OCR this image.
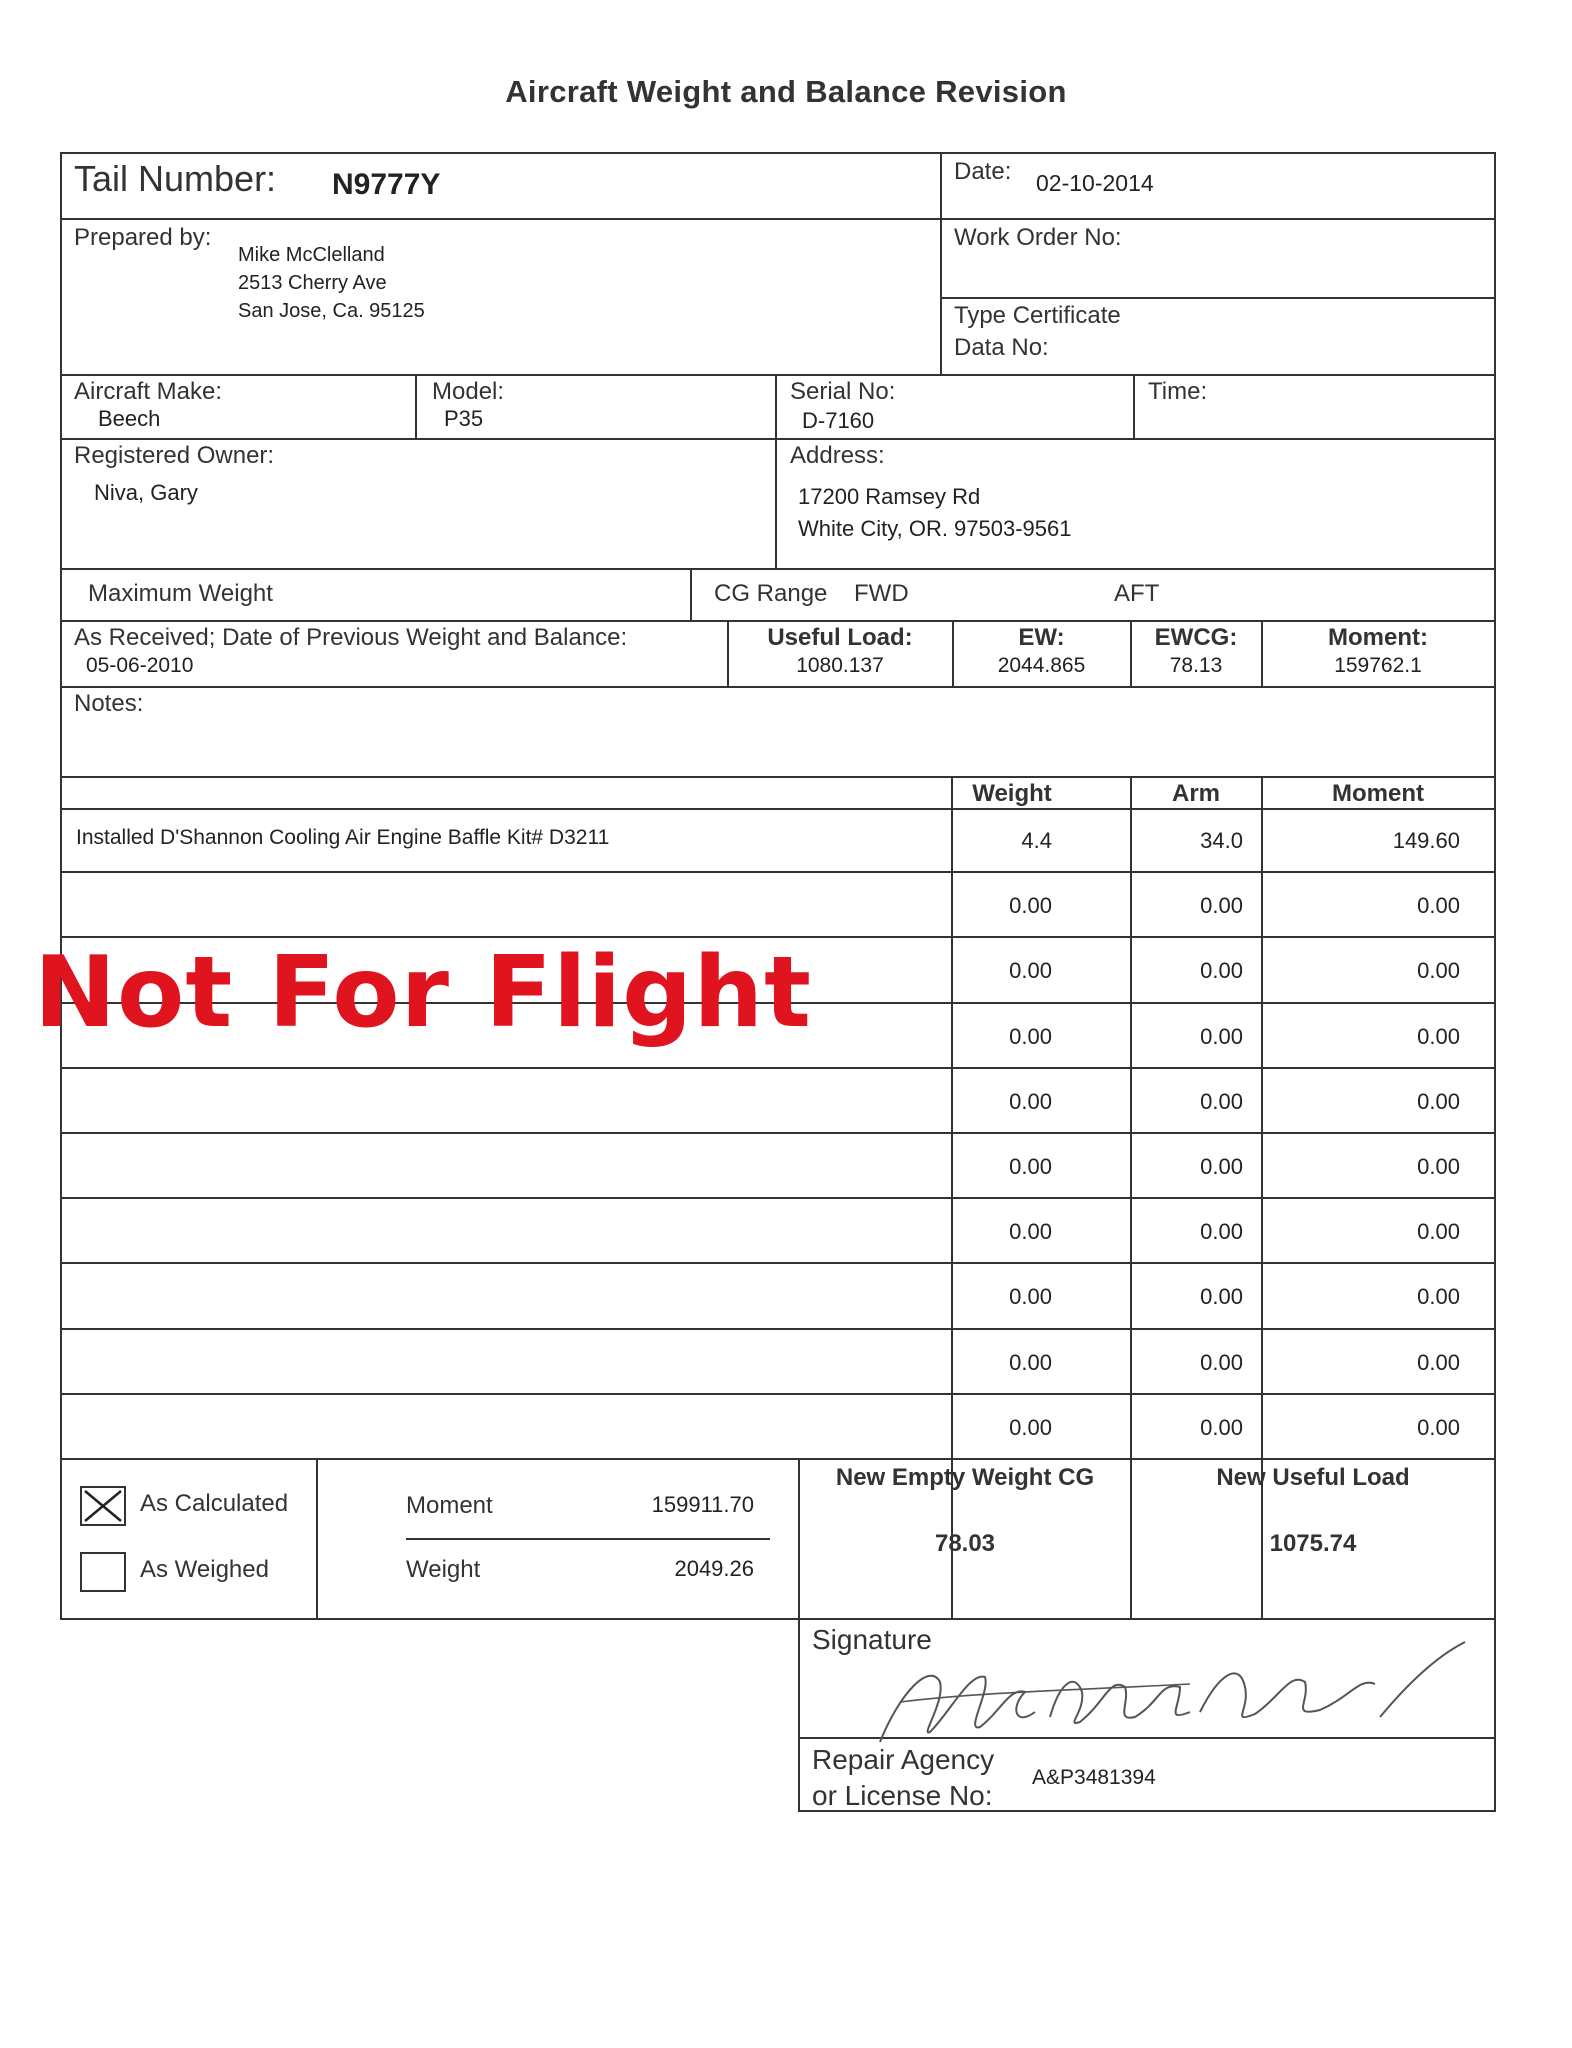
Aircraft Weight and Balance Revision
Tail Number: N9777Y	Date: 02-10-2014
Prepared by:
Mike McClelland
2513 Cherry Ave
San Jose, Ca. 95125
Work Order No:
Type Certificate
Data No:
Aircraft Make:
Beech
Model:
P35
Serial No:
D-7160
Time:
Registered Owner:
Niva, Gary
Address:
17200 Ramsey Rd
White City, OR. 97503-9561
Maximum Weight	CG Range FWD	AFT
As Received; Date of Previous Weight and Balance:
05-06-2010
Useful Load:
1080.137
EW:
2044.865
EWCG:
78.13
Moment:
159762.1
Notes:
Weight	Arm	Moment
Installed D'Shannon Cooling Air Engine Baffle Kit# D3211	4.4	34.0	149.60
0.00	0.00	0.00
0.00	0.00	0.00
0.00	0.00	0.00
0.00	0.00	0.00
0.00	0.00	0.00
0.00	0.00	0.00
0.00	0.00	0.00
0.00	0.00	0.00
0.00	0.00	0.00
As Calculated
As Weighed
Moment	159911.70
Weight	2049.26
New Empty Weight CG
78.03
New Useful Load
1075.74
Signature
Repair Agency
or License No:
A&P3481394
Not For Flight
